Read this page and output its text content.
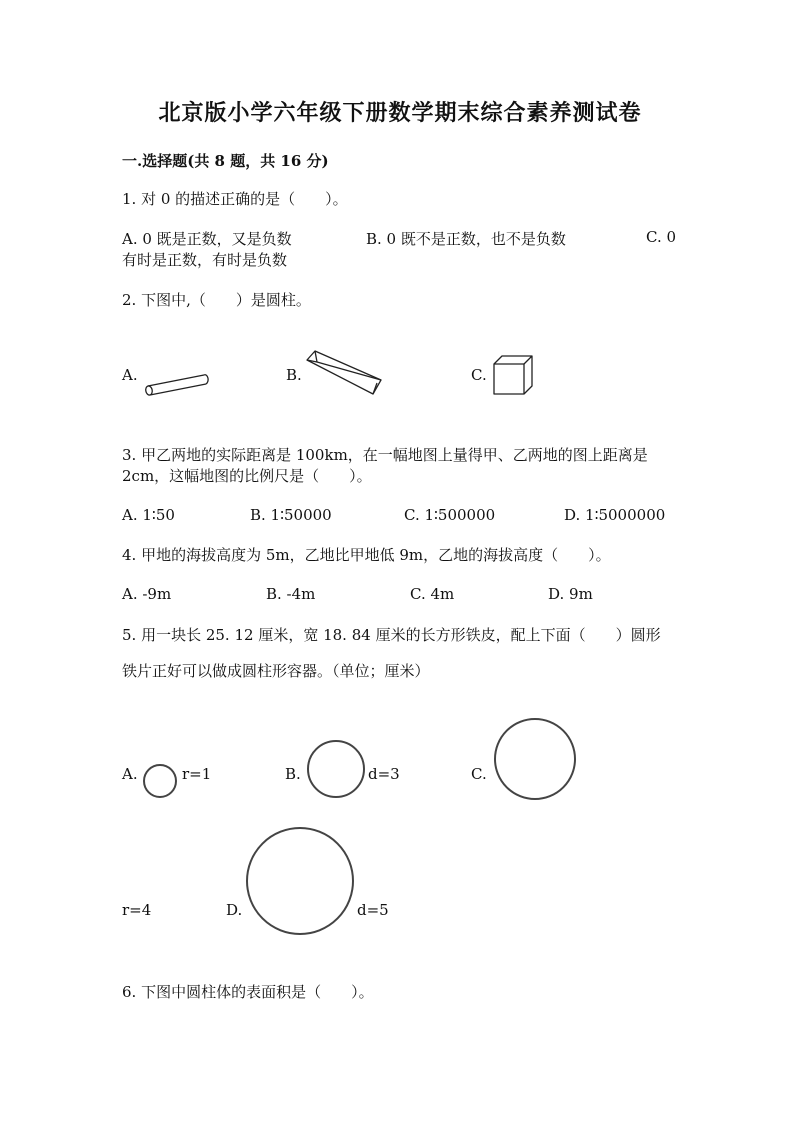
北京版小学六年级下册数学期末综合素养测试卷
一.选择题(共 8 题，共 16 分)
1. 对 0 的描述正确的是（　　）。
A. 0 既是正数，又是负数	B. 0 既不是正数，也不是负数	C. 0
有时是正数，有时是负数
2. 下图中,（　　）是圆柱。
A.	B.	C.
3. 甲乙两地的实际距离是 100km，在一幅地图上量得甲、乙两地的图上距离是
2cm，这幅地图的比例尺是（　　）。
A. 1∶50	B. 1∶50000	C. 1∶500000	D. 1∶5000000
4. 甲地的海拔高度为 5m，乙地比甲地低 9m，乙地的海拔高度（　　）。
A. -9m	B. -4m	C. 4m	D. 9m
5. 用一块长 25. 12 厘米，宽 18. 84 厘米的长方形铁皮，配上下面（　　）圆形
铁片正好可以做成圆柱形容器。（单位；厘米）
A.	r=1	B.	d=3	C.
r=4	D.	d=5
6. 下图中圆柱体的表面积是（　　）。
